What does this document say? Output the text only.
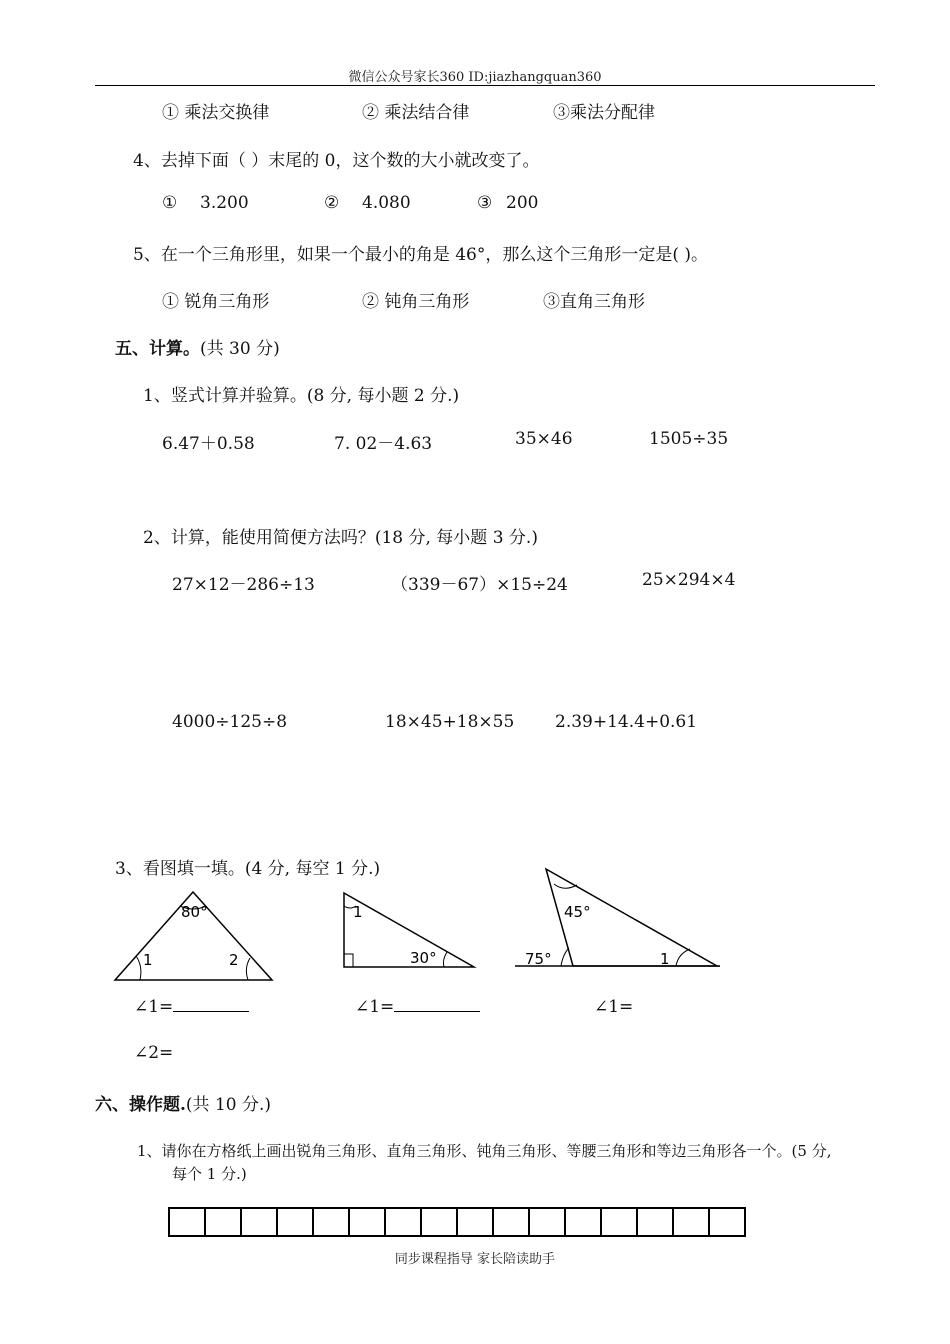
微信公众号家长360 ID:jiazhangquan360
① 乘法交换律	② 乘法结合律	③乘法分配律
4、去掉下面（ ）末尾的 0，这个数的大小就改变了。
① 3.200	② 4.080	③ 200
5、在一个三角形里，如果一个最小的角是 46°，那么这个三角形一定是( )。
① 锐角三角形	② 钝角三角形	③直角三角形
五、计算。(共 30 分)
1、竖式计算并验算。(8 分, 每小题 2 分.)
6.47＋0.58	7. 02－4.63	35×46	1505÷35
2、计算，能使用简便方法吗？(18 分, 每小题 3 分.)
27×12－286÷13	（339－67）×15÷24	25×294×4
4000÷125÷8	18×45+18×55 2.39+14.4+0.61
3、看图填一填。(4 分, 每空 1 分.)
80°
1	2
1
30°
45°
75°	1
∠1=	∠1=	∠1=
∠2=
六、操作题.(共 10 分.)
1、请你在方格纸上画出锐角三角形、直角三角形、钝角三角形、等腰三角形和等边三角形各一个。(5 分,
每个 1 分.)
同步课程指导 家长陪读助手
